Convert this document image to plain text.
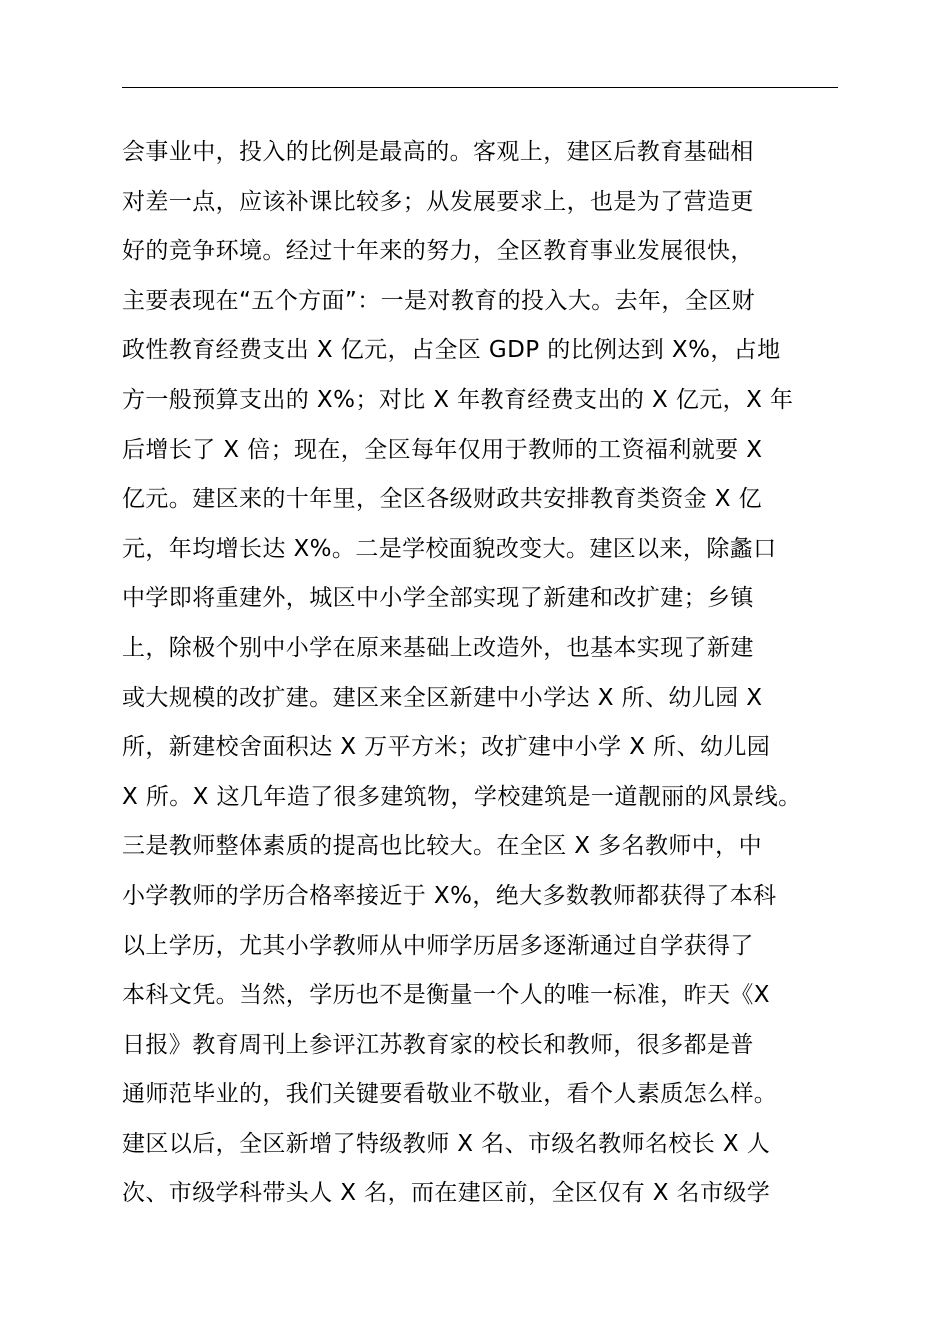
会事业中，投入的比例是最高的。客观上，建区后教育基础相
对差一点，应该补课比较多；从发展要求上，也是为了营造更
好的竞争环境。经过十年来的努力，全区教育事业发展很快，
主要表现在“五个方面”：一是对教育的投入大。去年，全区财
政性教育经费支出 X 亿元，占全区 GDP 的比例达到 X%，占地
方一般预算支出的 X%；对比 X 年教育经费支出的 X 亿元，X 年
后增长了 X 倍；现在，全区每年仅用于教师的工资福利就要 X
亿元。建区来的十年里，全区各级财政共安排教育类资金 X 亿
元，年均增长达 X%。二是学校面貌改变大。建区以来，除蠡口
中学即将重建外，城区中小学全部实现了新建和改扩建；乡镇
上，除极个别中小学在原来基础上改造外，也基本实现了新建
或大规模的改扩建。建区来全区新建中小学达 X 所、幼儿园 X
所，新建校舍面积达 X 万平方米；改扩建中小学 X 所、幼儿园
X 所。X 这几年造了很多建筑物，学校建筑是一道靓丽的风景线。
三是教师整体素质的提高也比较大。在全区 X 多名教师中，中
小学教师的学历合格率接近于 X%，绝大多数教师都获得了本科
以上学历，尤其小学教师从中师学历居多逐渐通过自学获得了
本科文凭。当然，学历也不是衡量一个人的唯一标准，昨天《X
日报》教育周刊上参评江苏教育家的校长和教师，很多都是普
通师范毕业的，我们关键要看敬业不敬业，看个人素质怎么样。
建区以后，全区新增了特级教师 X 名、市级名教师名校长 X 人
次、市级学科带头人 X 名，而在建区前，全区仅有 X 名市级学
